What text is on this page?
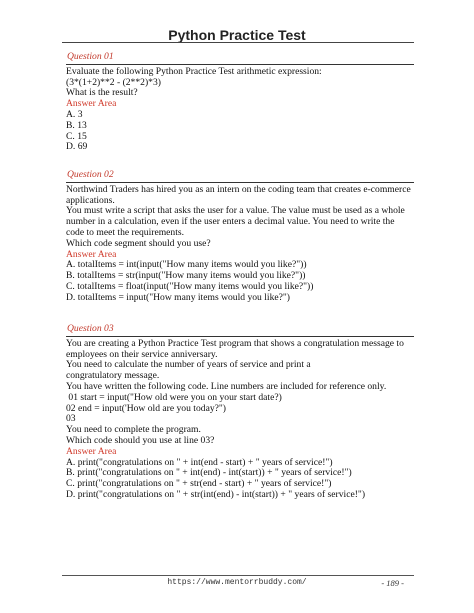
Python Practice Test
Question 01
Evaluate the following Python Practice Test arithmetic expression:
(3*(1+2)**2 - (2**2)*3)
What is the result?
Answer Area
A. 3
B. 13
C. 15
D. 69
Question 02
Northwind Traders has hired you as an intern on the coding team that creates e-commerce applications.
You must write a script that asks the user for a value. The value must be used as a whole number in a calculation, even if the user enters a decimal value. You need to write the code to meet the requirements.
Which code segment should you use?
Answer Area
A. totalItems = int(input("How many items would you like?"))
B. totalItems = str(input("How many items would you like?"))
C. totalItems = float(input("How many items would you like?"))
D. totalItems = input("How many items would you like?")
Question 03
You are creating a Python Practice Test program that shows a congratulation message to employees on their service anniversary.
You need to calculate the number of years of service and print a
congratulatory message.
You have written the following code. Line numbers are included for reference only.
01 start = input("How old were you on your start date?)
02 end = input('How old are you today?")
03
You need to complete the program.
Which code should you use at line 03?
Answer Area
A. print("congratulations on " + int(end - start) + " years of service!")
B. print("congratulations on " + int(end) - int(start)) + " years of service!")
C. print("congratulations on " + str(end - start) + " years of service!")
D. print("congratulations on " + str(int(end) - int(start)) + " years of service!")
https://www.mentorrbuddy.com/	- 189 -
